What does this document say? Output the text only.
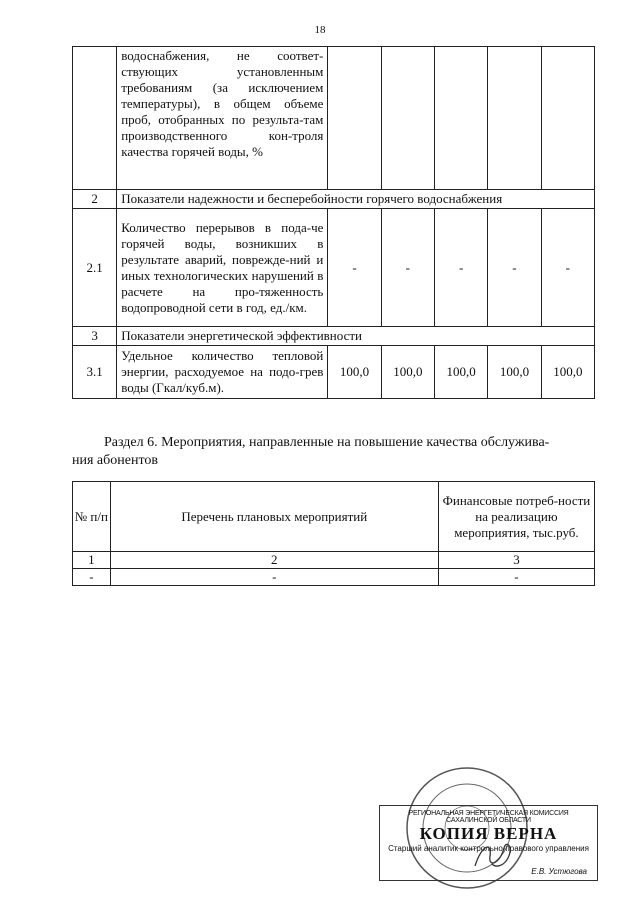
18
	водоснабжения, не соответ-ствующих установленным требованиям (за исключением температуры), в общем объеме проб, отобранных по результа-там производственного кон-троля качества горячей воды, %					
2	Показатели надежности и бесперебойности горячего водоснабжения					
2.1	Количество перерывов в пода-че горячей воды, возникших в результате аварий, поврежде-ний и иных технологических нарушений в расчете на про-тяженность водопроводной сети в год, ед./км.	-	-	-	-	-
3	Показатели энергетической эффективности					
3.1	Удельное количество тепловой энергии, расходуемое на подо-грев воды (Гкал/куб.м).	100,0	100,0	100,0	100,0	100,0
Раздел 6. Мероприятия, направленные на повышение качества обслужива-
ния абонентов
№ п/п	Перечень плановых мероприятий	Финансовые потреб-ности на реализацию мероприятия, тыс.руб.
1	2	3
-	-	-
РЕГИОНАЛЬНАЯ ЭНЕРГЕТИЧЕСКАЯ КОМИССИЯ САХАЛИНСКОЙ ОБЛАСТИ
КОПИЯ ВЕРНА
Старший аналитик контрольно-правового управления
Е.В. Устюгова
